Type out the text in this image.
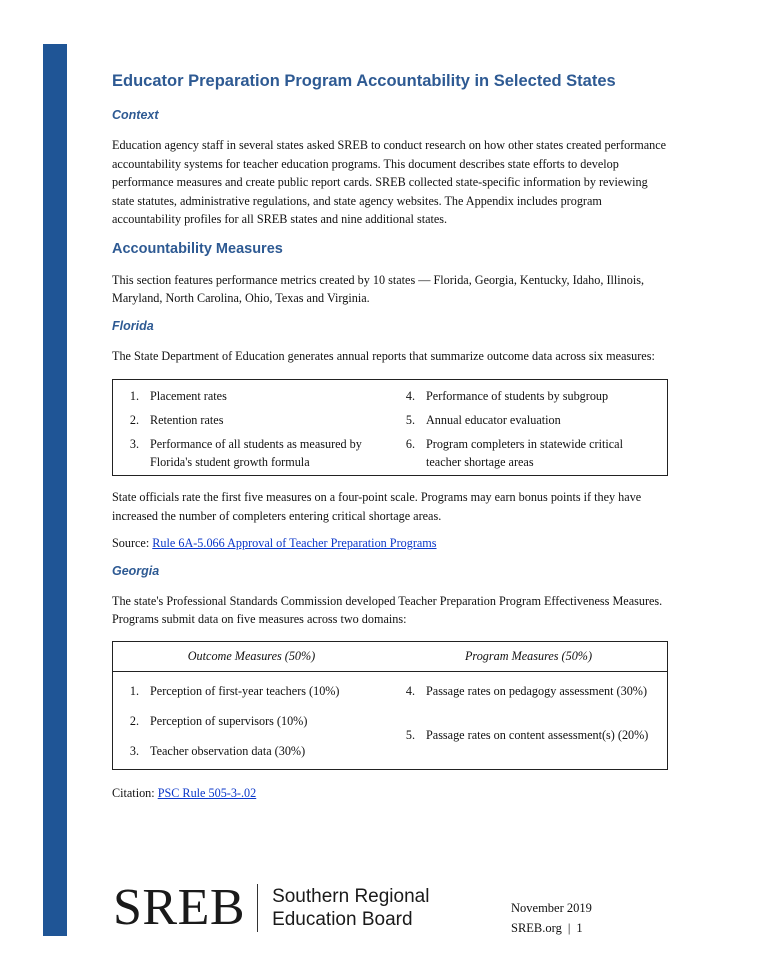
Educator Preparation Program Accountability in Selected States
Context

Education agency staff in several states asked SREB to conduct research on how other states created performance accountability systems for teacher education programs. This document describes state efforts to develop performance measures and create public report cards. SREB collected state-specific information by reviewing state statutes, administrative regulations, and state agency websites. The Appendix includes program accountability profiles for all SREB states and nine additional states.

Accountability Measures

This section features performance metrics created by 10 states — Florida, Georgia, Kentucky, Idaho, Illinois, Maryland, North Carolina, Ohio, Texas and Virginia.

Florida

The State Department of Education generates annual reports that summarize outcome data across six measures:

1. Placement rates
2. Retention rates
3. Performance of all students as measured by Florida's student growth formula
4. Performance of students by subgroup
5. Annual educator evaluation
6. Program completers in statewide critical teacher shortage areas

State officials rate the first five measures on a four-point scale. Programs may earn bonus points if they have increased the number of completers entering critical shortage areas.

Source: Rule 6A-5.066 Approval of Teacher Preparation Programs

Georgia

The state's Professional Standards Commission developed Teacher Preparation Program Effectiveness Measures. Programs submit data on five measures across two domains:

Outcome Measures (50%)	Program Measures (50%)
1. Perception of first-year teachers (10%)
2. Perception of supervisors (10%)
3. Teacher observation data (30%)
4. Passage rates on pedagogy assessment (30%)
5. Passage rates on content assessment(s) (20%)

Citation: PSC Rule 505-3-.02

SREB Southern Regional
Education Board
November 2019
SREB.org | 1
